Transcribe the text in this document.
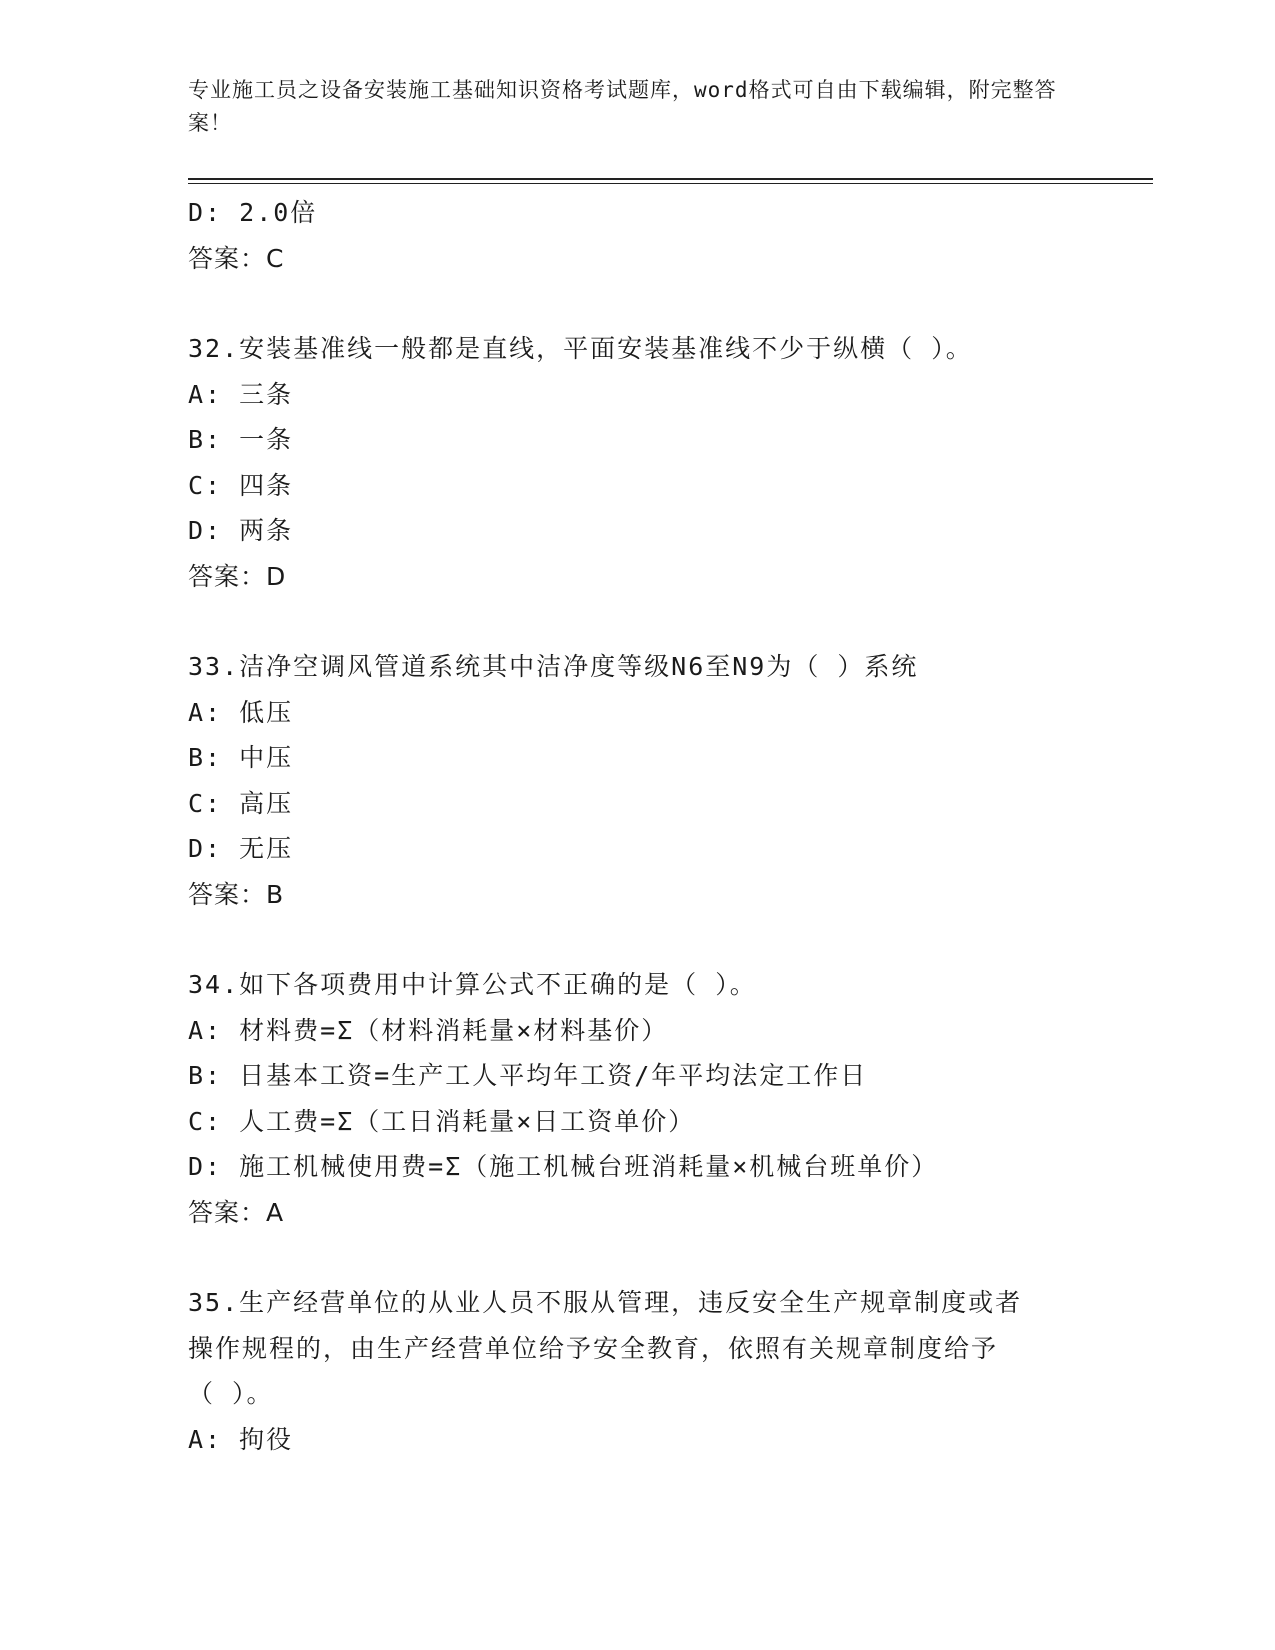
专业施工员之设备安装施工基础知识资格考试题库，word格式可自由下载编辑，附完整答案！
D: 2.0倍
答案：C
32.安装基准线一般都是直线，平面安装基准线不少于纵横（ ）。
A: 三条
B: 一条
C: 四条
D: 两条
答案：D
33.洁净空调风管道系统其中洁净度等级N6至N9为（ ）系统
A: 低压
B: 中压
C: 高压
D: 无压
答案：B
34.如下各项费用中计算公式不正确的是（ ）。
A: 材料费=Σ（材料消耗量×材料基价）
B: 日基本工资=生产工人平均年工资/年平均法定工作日
C: 人工费=Σ（工日消耗量×日工资单价）
D: 施工机械使用费=Σ（施工机械台班消耗量×机械台班单价）
答案：A
35.生产经营单位的从业人员不服从管理，违反安全生产规章制度或者
操作规程的，由生产经营单位给予安全教育，依照有关规章制度给予
（ ）。
A: 拘役
